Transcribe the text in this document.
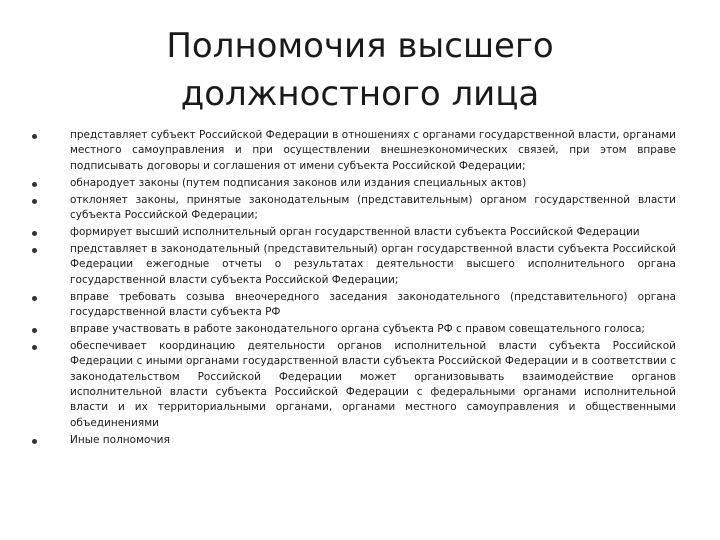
Полномочия высшего должностного лица
представляет субъект Российской Федерации в отношениях с органами государственной власти, органами местного самоуправления и при осуществлении внешнеэкономических связей, при этом вправе подписывать договоры и соглашения от имени субъекта Российской Федерации;
обнародует законы (путем подписания законов или издания специальных актов)
отклоняет законы, принятые законодательным (представительным) органом государственной власти субъекта Российской Федерации;
формирует высший исполнительный орган государственной власти субъекта Российской Федерации
представляет в законодательный (представительный) орган государственной власти субъекта Российской Федерации ежегодные отчеты о результатах деятельности высшего исполнительного органа государственной власти субъекта Российской Федерации;
вправе требовать созыва внеочередного заседания законодательного (представительного) органа государственной власти субъекта РФ
вправе участвовать в работе законодательного органа субъекта РФ с правом совещательного голоса;
обеспечивает координацию деятельности органов исполнительной власти субъекта Российской Федерации с иными органами государственной власти субъекта Российской Федерации и в соответствии с законодательством Российской Федерации может организовывать взаимодействие органов исполнительной власти субъекта Российской Федерации с федеральными органами исполнительной власти и их территориальными органами, органами местного самоуправления и общественными объединениями
Иные полномочия
